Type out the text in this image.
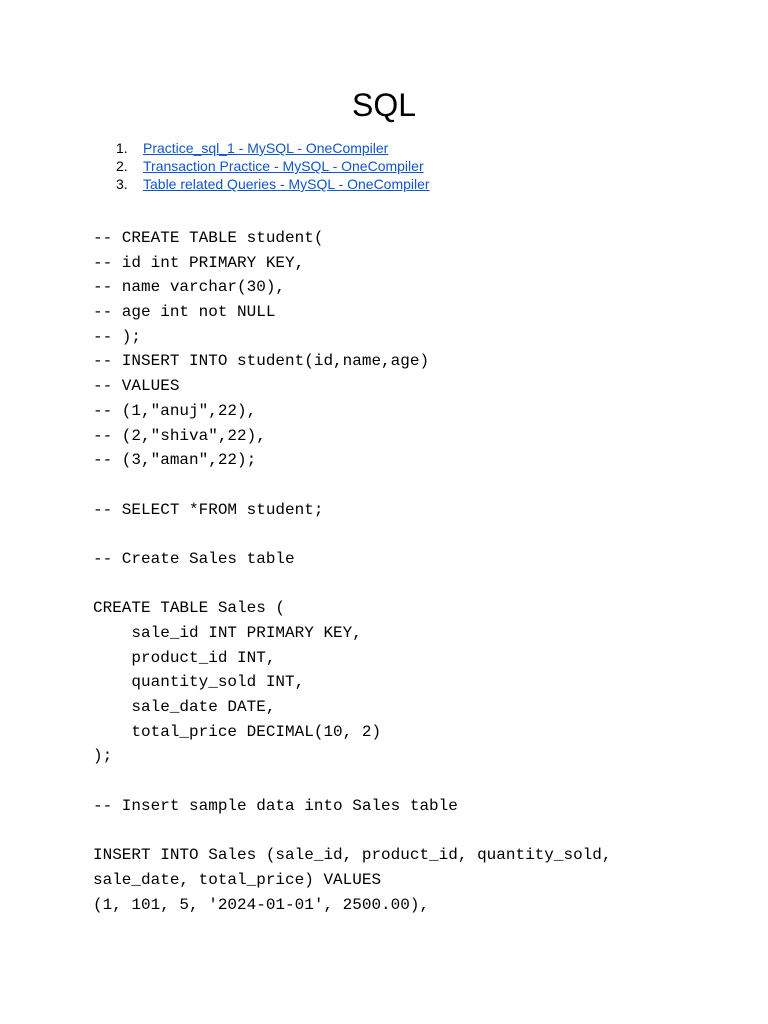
SQL
1. Practice_sql_1 - MySQL - OneCompiler
2. Transaction Practice - MySQL - OneCompiler
3. Table related Queries - MySQL - OneCompiler
-- CREATE TABLE student(
-- id int PRIMARY KEY,
-- name varchar(30),
-- age int not NULL
-- );
-- INSERT INTO student(id,name,age)
-- VALUES
-- (1,"anuj",22),
-- (2,"shiva",22),
-- (3,"aman",22);
-- SELECT *FROM student;
-- Create Sales table
CREATE TABLE Sales (
sale_id INT PRIMARY KEY,
product_id INT,
quantity_sold INT,
sale_date DATE,
total_price DECIMAL(10, 2)
);
-- Insert sample data into Sales table
INSERT INTO Sales (sale_id, product_id, quantity_sold,
sale_date, total_price) VALUES
(1, 101, 5, '2024-01-01', 2500.00),
